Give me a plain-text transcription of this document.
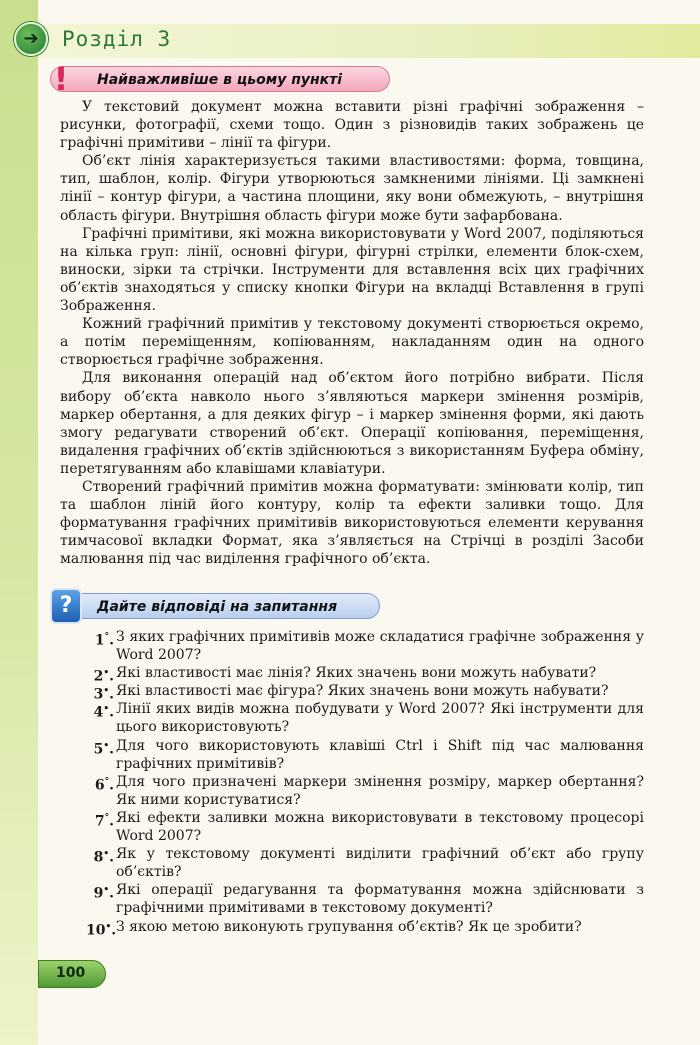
➔	Розділ 3
Найважливіше в цьому пункті
!

У текстовий документ можна вставити різні графічні зображення – рисунки, фотографії, схеми тощо. Один з різновидів таких зображень це графічні примітиви – лінії та фігури.

Об’єкт лінія характеризується такими властивостями: форма, товщина, тип, шаблон, колір. Фігури утворюються замкненими лініями. Ці замкнені лінії – контур фігури, а частина площини, яку вони обмежують, – внутрішня область фігури. Внутрішня область фігури може бути зафарбована.

Графічні примітиви, які можна використовувати у Word 2007, поділяються на кілька груп: лінії, основні фігури, фігурні стрілки, елементи блок-схем, виноски, зірки та стрічки. Інструменти для вставлення всіх цих графічних об’єктів знаходяться у списку кнопки Фігури на вкладці Вставлення в групі Зображення.

Кожний графічний примітив у текстовому документі створюється окремо, а потім переміщенням, копіюванням, накладанням один на одного створюється графічне зображення.

Для виконання операцій над об’єктом його потрібно вибрати. Після вибору об’єкта навколо нього з’являються маркери змінення розмірів, маркер обертання, а для деяких фігур – і маркер змінення форми, які дають змогу редагувати створений об’єкт. Операції копіювання, переміщення, видалення графічних об’єктів здійснюються з використанням Буфера обміну, перетягуванням або клавішами клавіатури.

Створений графічний примітив можна форматувати: змінювати колір, тип та шаблон ліній його контуру, колір та ефекти заливки тощо. Для форматування графічних примітивів використовуються елементи керування тимчасової вкладки Формат, яка з’являється на Стрічці в розділі Засоби малювання під час виділення графічного об’єкта.

Дайте відповіді на запитання
?
1°. З яких графічних примітивів може складатися графічне зображення у Word 2007?
2•. Які властивості має лінія? Яких значень вони можуть набувати?
3•. Які властивості має фігура? Яких значень вони можуть набувати?
4•. Лінії яких видів можна побудувати у Word 2007? Які інструменти для цього використовують?
5•. Для чого використовують клавіші Ctrl і Shift під час малювання графічних примітивів?
6°. Для чого призначені маркери змінення розміру, маркер обертання? Як ними користуватися?
7°. Які ефекти заливки можна використовувати в текстовому процесорі Word 2007?
8•. Як у текстовому документі виділити графічний об’єкт або групу об’єктів?
9•. Які операції редагування та форматування можна здійснювати з графічними примітивами в текстовому документі?
10•. З якою метою виконують групування об’єктів? Як це зробити?
100
